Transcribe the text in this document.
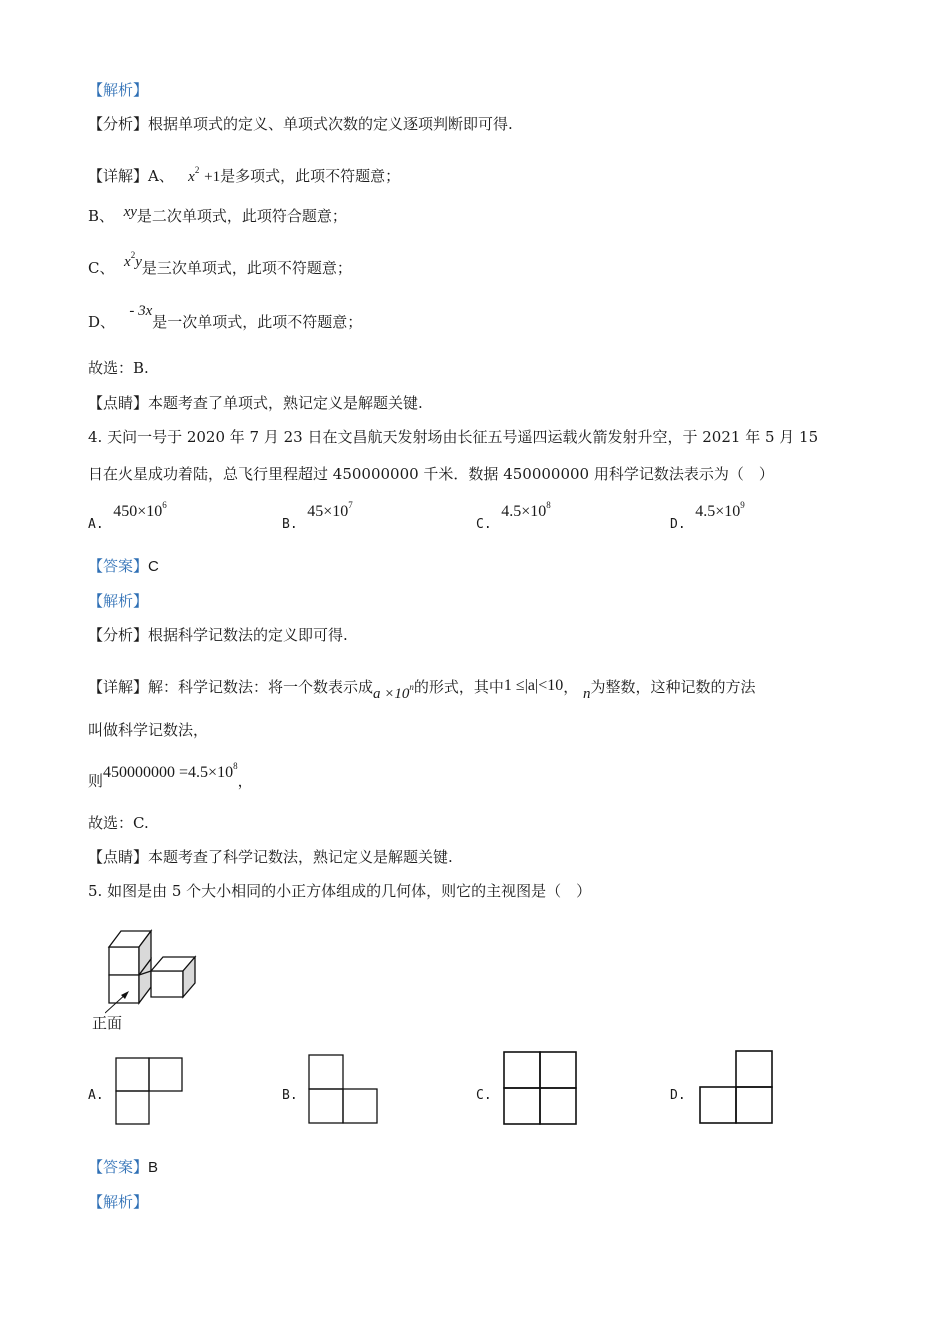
【解析】
【分析】根据单项式的定义、单项式次数的定义逐项判断即可得.
【详解】A、 $x^2 +1$是多项式，此项不符题意；
B、 xy是二次单项式，此项符合题意；
C、 $x^2y$是三次单项式，此项不符题意；
D、   - 3x是一次单项式，此项不符题意；
故选：B.
【点睛】本题考查了单项式，熟记定义是解题关键.
4. 天问一号于 2020 年 7 月 23 日在文昌航天发射场由长征五号遥四运载火箭发射升空，于 2021 年 5 月 15
日在火星成功着陆，总飞行里程超过 450000000 千米．数据 450000000 用科学记数法表示为（　）
A.  $450\times 10^6$
B.  $45\times 10^7$
C.  $4.5\times 10^8$
D.  $4.5\times 10^9$
【答案】C
【解析】
【分析】根据科学记数法的定义即可得.
【详解】解：科学记数法：将一个数表示成$a \times 10^n$的形式，其中1 ≤|a|<10， n为整数，这种记数的方法
叫做科学记数法，
则$450000000 =4.5\times 10^8$，
故选：C.
【点睛】本题考查了科学记数法，熟记定义是解题关键.
5. 如图是由 5 个大小相同的小正方体组成的几何体，则它的主视图是（　）
正面
A.	B.	C.	D.
【答案】B
【解析】
